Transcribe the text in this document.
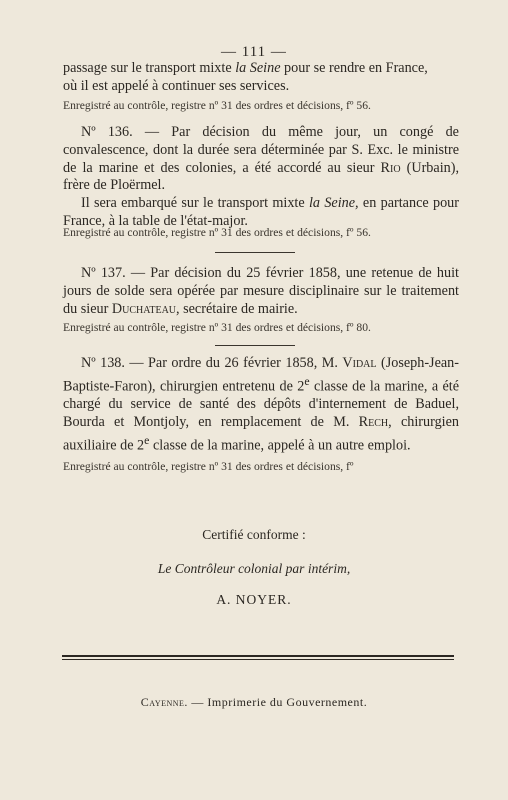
— 111 —

passage sur le transport mixte la Seine pour se rendre en France,

où il est appelé à continuer ses services.

Enregistré au contrôle, registre nº 31 des ordres et décisions, fº 56.

Nº 136. — Par décision du même jour, un congé de convalescence, dont la durée sera déterminée par S. Exc. le ministre de la marine et des colonies, a été accordé au sieur Rio (Urbain), frère de Ploërmel.

Il sera embarqué sur le transport mixte la Seine, en partance pour France, à la table de l'état-major.

Enregistré au contrôle, registre nº 31 des ordres et décisions, fº 56.

Nº 137. — Par décision du 25 février 1858, une retenue de huit jours de solde sera opérée par mesure disciplinaire sur le traitement du sieur Duchateau, secrétaire de mairie.

Enregistré au contrôle, registre nº 31 des ordres et décisions, fº 80.

Nº 138. — Par ordre du 26 février 1858, M. Vidal (Joseph-Jean-Baptiste-Faron), chirurgien entretenu de 2e classe de la marine, a été chargé du service de santé des dépôts d'internement de Baduel, Bourda et Montjoly, en remplacement de M. Rech, chirurgien auxiliaire de 2e classe de la marine, appelé à un autre emploi.

Enregistré au contrôle, registre nº 31 des ordres et décisions, fº
Certifié conforme :
Le Contrôleur colonial par intérim,
A. NOYER.
Cayenne. — Imprimerie du Gouvernement.
